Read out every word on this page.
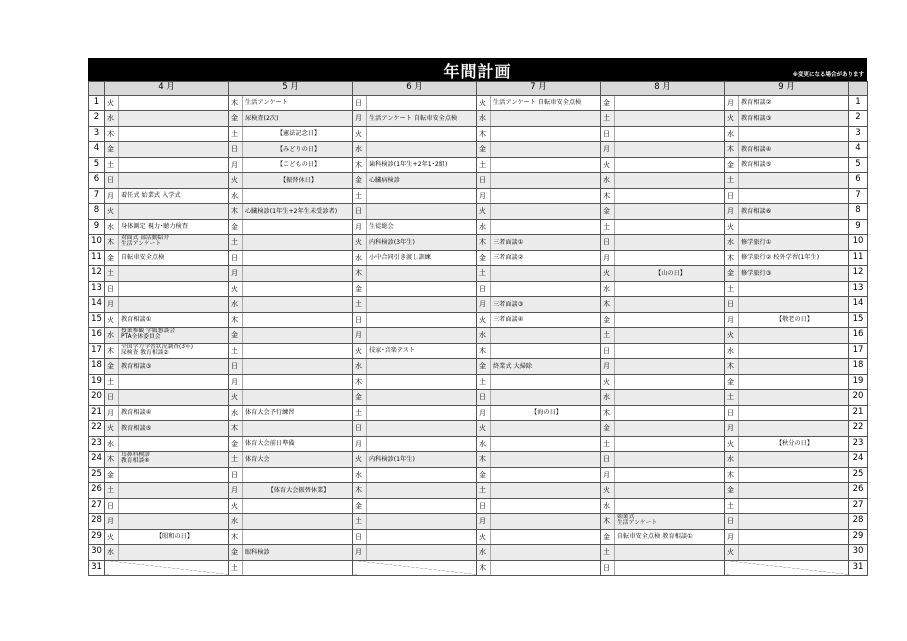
年間計画	※変更になる場合があります
	4 月		5 月		6 月		7 月		8 月		9 月		
1	火		木	生活アンケート	日		火	生活アンケート 自転車安全点検	金		月	教育相談②	1
2	水		金	尿検査(2次)	月	生活アンケート 自転車安全点検	水		土		火	教育相談③	2
3	木		土	【憲法記念日】	火		木		日		水		3
4	金		日	【みどりの日】	水		金		月		木	教育相談④	4
5	土		月	【こどもの日】	木	歯科検診(1年生+2年1･2組)	土		火		金	教育相談⑤	5
6	日		火	【振替休日】	金	心臓病検診	日		水		土		6
7	月	着任式 始業式 入学式	水		土		月		木		日		7
8	火		木	心臓検診(1年生+2年生未受診者)	日		火		金		月	教育相談⑥	8
9	水	身体測定 視力･聴力検査	金		月	生徒総会	水		土		火		9
10	木	対面式 部活動紹介
生活アンケート	土		火	内科検診(3年生)	木	三者面談①	日		水	修学旅行①	10
11	金	自転車安全点検	日		水	小中合同引き渡し訓練	金	三者面談②	月		木	修学旅行② 校外学習(1年生)	11
12	土		月		木		土		火	【山の日】	金	修学旅行③	12
13	日		火		金		日		水		土		13
14	月		水		土		月	三者面談③	木		日		14
15	火	教育相談①	木		日		火	三者面談④	金		月	【敬老の日】	15
16	水	授業参観 学級懇談会
PTA全体委員会	金		月		水		土		火		16
17	木	全国学力学習状況調査(3年)
尿検査 教育相談②	土		火	技家･音楽テスト	木		日		水		17
18	金	教育相談③	日		水		金	終業式 大掃除	月		木		18
19	土		月		木		土		火		金		19
20	日		火		金		日		水		土		20
21	月	教育相談④	水	体育大会予行練習	土		月	【海の日】	木		日		21
22	火	教育相談⑤	木		日		火		金		月		22
23	水		金	体育大会前日準備	月		水		土		火	【秋分の日】	23
24	木	耳鼻科検診
教育相談⑥	土	体育大会	火	内科検診(1年生)	木		日		水		24
25	金		日		水		金		月		木		25
26	土		月	【体育大会振替休業】	木		土		火		金		26
27	日		火		金		日		水		土		27
28	月		水		土		月		木	始業式
生活アンケート	日		28
29	火	【昭和の日】	木		日		火		金	自転車安全点検 教育相談①	月		29
30	水		金	眼科検診	月		水		土		火		30
31			土				木		日				31
